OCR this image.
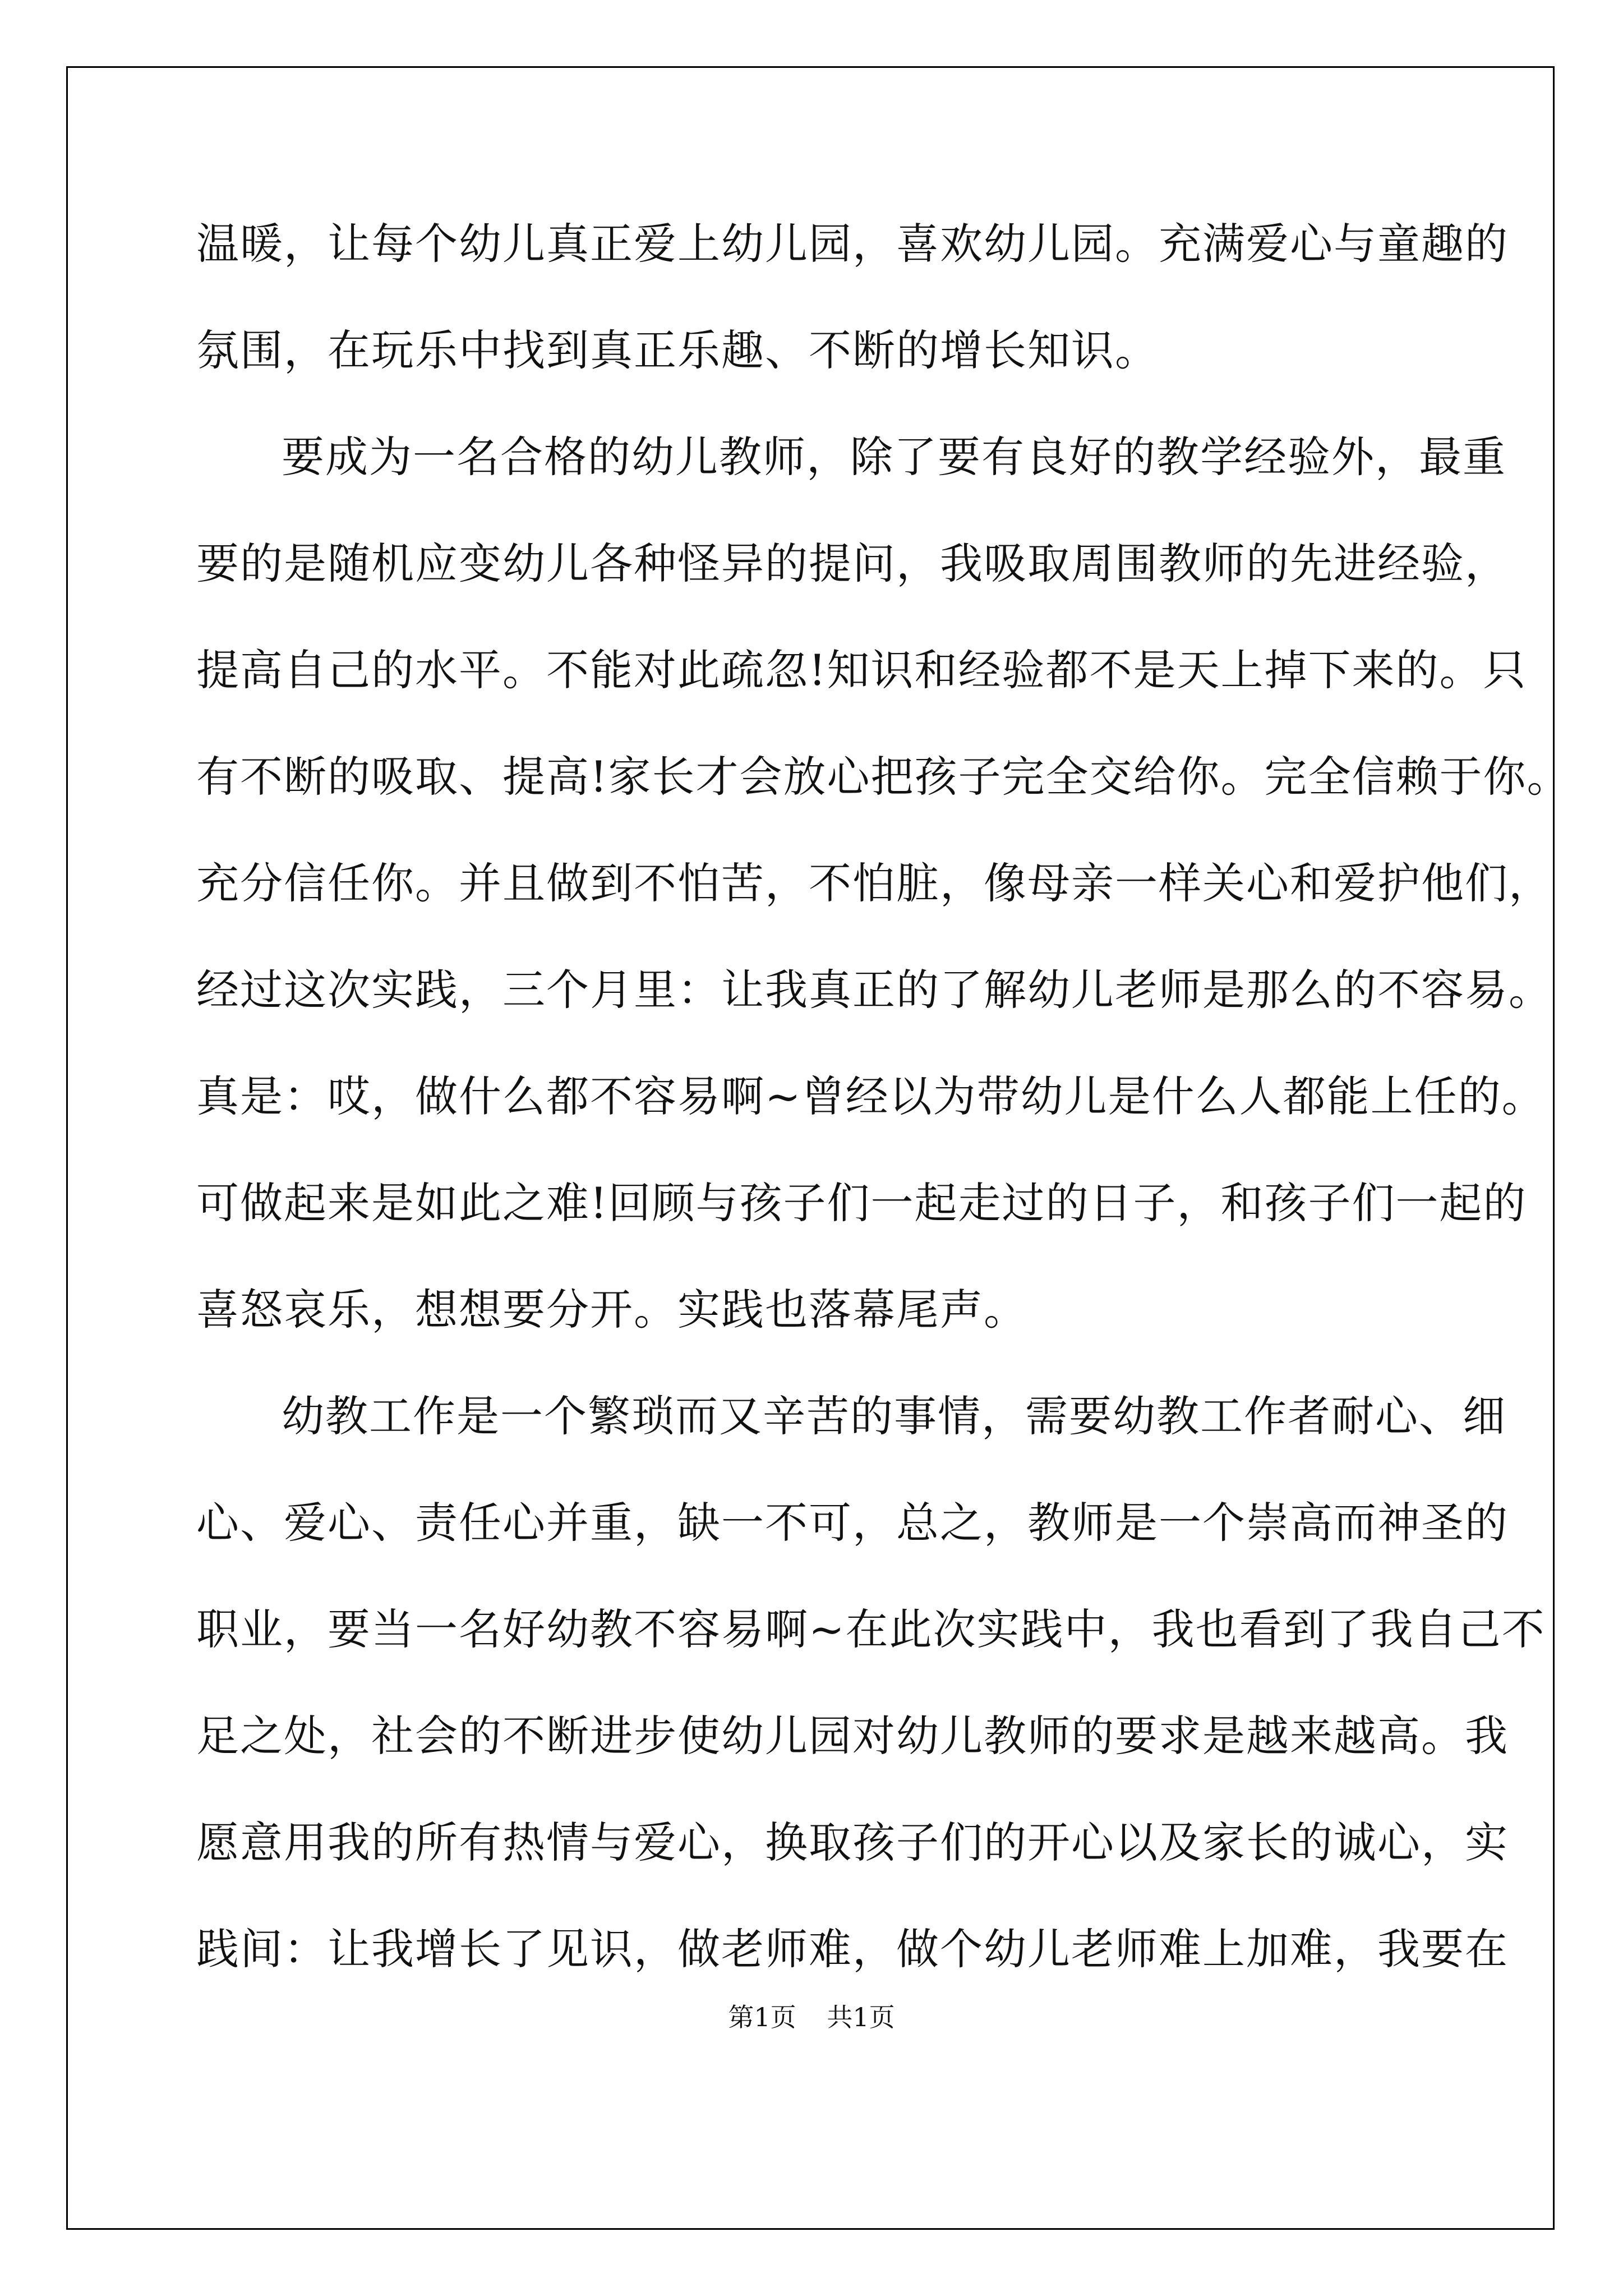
温暖，让每个幼儿真正爱上幼儿园，喜欢幼儿园。充满爱心与童趣的
氛围，在玩乐中找到真正乐趣、不断的增长知识。
要成为一名合格的幼儿教师，除了要有良好的教学经验外，最重
要的是随机应变幼儿各种怪异的提问，我吸取周围教师的先进经验，
提高自己的水平。不能对此疏忽!知识和经验都不是天上掉下来的。只
有不断的吸取、提高!家长才会放心把孩子完全交给你。完全信赖于你。
充分信任你。并且做到不怕苦，不怕脏，像母亲一样关心和爱护他们，
经过这次实践，三个月里：让我真正的了解幼儿老师是那么的不容易。
真是：哎，做什么都不容易啊~曾经以为带幼儿是什么人都能上任的。
可做起来是如此之难!回顾与孩子们一起走过的日子，和孩子们一起的
喜怒哀乐，想想要分开。实践也落幕尾声。
幼教工作是一个繁琐而又辛苦的事情，需要幼教工作者耐心、细
心、爱心、责任心并重，缺一不可，总之，教师是一个崇高而神圣的
职业，要当一名好幼教不容易啊~在此次实践中，我也看到了我自己不
足之处，社会的不断进步使幼儿园对幼儿教师的要求是越来越高。我
愿意用我的所有热情与爱心，换取孩子们的开心以及家长的诚心，实
践间：让我增长了见识，做老师难，做个幼儿老师难上加难，我要在
第1页 共1页
